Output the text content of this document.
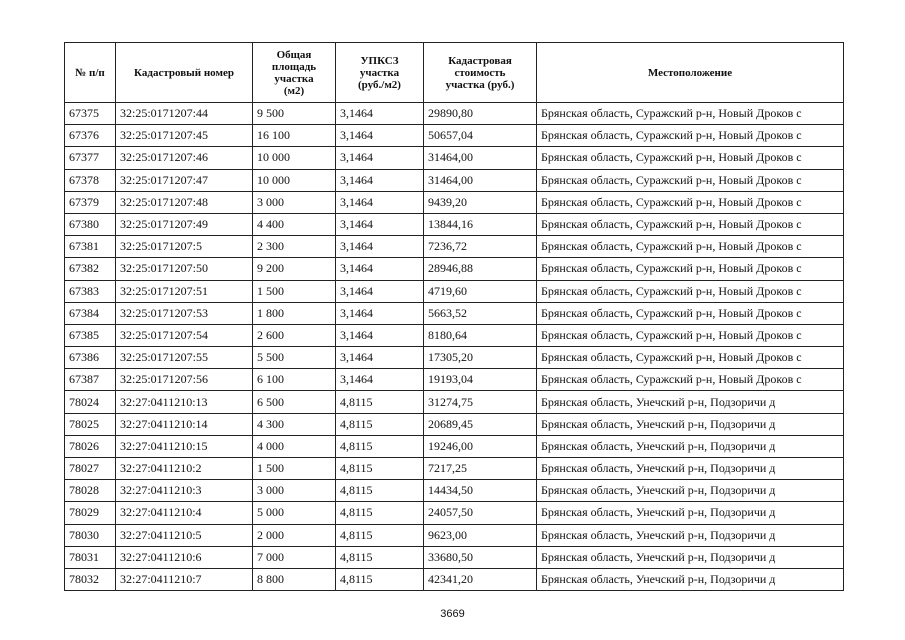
№ п/п	Кадастровый номер	Общая
площадь
участка
(м2)	УПКСЗ
участка
(руб./м2)	Кадастровая
стоимость
участка (руб.)	Местоположение
67375	32:25:0171207:44	9 500	3,1464	29890,80	Брянская область, Суражский р-н, Новый Дроков с
67376	32:25:0171207:45	16 100	3,1464	50657,04	Брянская область, Суражский р-н, Новый Дроков с
67377	32:25:0171207:46	10 000	3,1464	31464,00	Брянская область, Суражский р-н, Новый Дроков с
67378	32:25:0171207:47	10 000	3,1464	31464,00	Брянская область, Суражский р-н, Новый Дроков с
67379	32:25:0171207:48	3 000	3,1464	9439,20	Брянская область, Суражский р-н, Новый Дроков с
67380	32:25:0171207:49	4 400	3,1464	13844,16	Брянская область, Суражский р-н, Новый Дроков с
67381	32:25:0171207:5	2 300	3,1464	7236,72	Брянская область, Суражский р-н, Новый Дроков с
67382	32:25:0171207:50	9 200	3,1464	28946,88	Брянская область, Суражский р-н, Новый Дроков с
67383	32:25:0171207:51	1 500	3,1464	4719,60	Брянская область, Суражский р-н, Новый Дроков с
67384	32:25:0171207:53	1 800	3,1464	5663,52	Брянская область, Суражский р-н, Новый Дроков с
67385	32:25:0171207:54	2 600	3,1464	8180,64	Брянская область, Суражский р-н, Новый Дроков с
67386	32:25:0171207:55	5 500	3,1464	17305,20	Брянская область, Суражский р-н, Новый Дроков с
67387	32:25:0171207:56	6 100	3,1464	19193,04	Брянская область, Суражский р-н, Новый Дроков с
78024	32:27:0411210:13	6 500	4,8115	31274,75	Брянская область, Унечский р-н, Подзоричи д
78025	32:27:0411210:14	4 300	4,8115	20689,45	Брянская область, Унечский р-н, Подзоричи д
78026	32:27:0411210:15	4 000	4,8115	19246,00	Брянская область, Унечский р-н, Подзоричи д
78027	32:27:0411210:2	1 500	4,8115	7217,25	Брянская область, Унечский р-н, Подзоричи д
78028	32:27:0411210:3	3 000	4,8115	14434,50	Брянская область, Унечский р-н, Подзоричи д
78029	32:27:0411210:4	5 000	4,8115	24057,50	Брянская область, Унечский р-н, Подзоричи д
78030	32:27:0411210:5	2 000	4,8115	9623,00	Брянская область, Унечский р-н, Подзоричи д
78031	32:27:0411210:6	7 000	4,8115	33680,50	Брянская область, Унечский р-н, Подзоричи д
78032	32:27:0411210:7	8 800	4,8115	42341,20	Брянская область, Унечский р-н, Подзоричи д
3669
